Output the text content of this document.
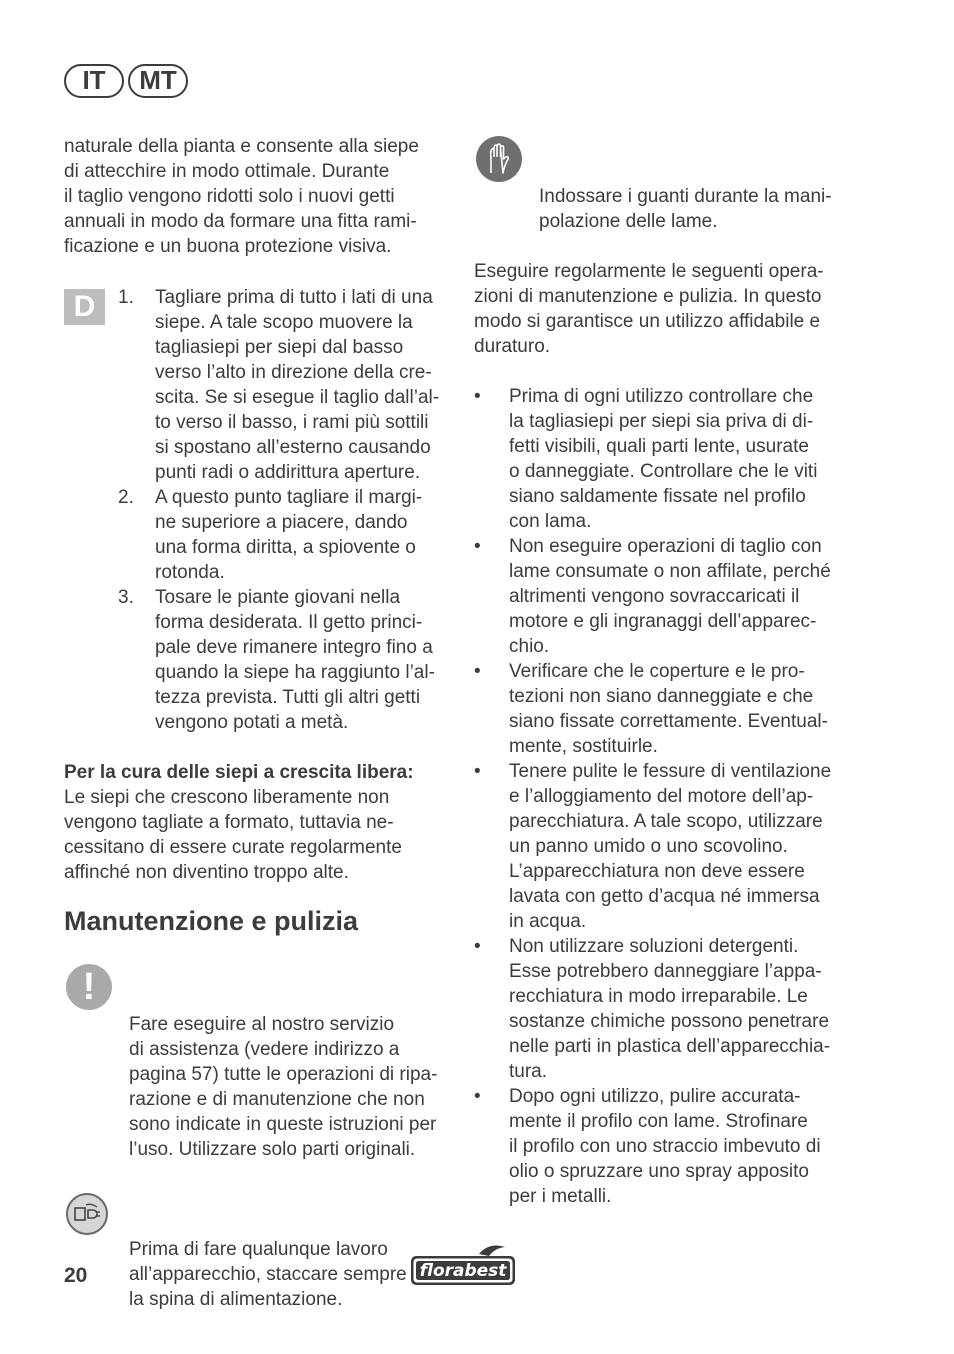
IT	MT

naturale della pianta e consente alla siepe
di attecchire in modo ottimale. Durante
il taglio vengono ridotti solo i nuovi getti
annuali in modo da formare una fitta rami-
ficazione e un buona protezione visiva.

D	1. Tagliare prima di tutto i lati di una
siepe. A tale scopo muovere la
tagliasiepi per siepi dal basso
verso l’alto in direzione della cre-
scita. Se si esegue il taglio dall’al-
to verso il basso, i rami più sottili
si spostano all’esterno causando
punti radi o addirittura aperture.
2. A questo punto tagliare il margi-
ne superiore a piacere, dando
una forma diritta, a spiovente o
rotonda.
3. Tosare le piante giovani nella
forma desiderata. Il getto princi-
pale deve rimanere integro fino a
quando la siepe ha raggiunto l’al-
tezza prevista. Tutti gli altri getti
vengono potati a metà.

Per la cura delle siepi a crescita libera:

Le siepi che crescono liberamente non
vengono tagliate a formato, tuttavia ne-
cessitano di essere curate regolarmente
affinché non diventino troppo alte.

Manutenzione e pulizia

!

Fare eseguire al nostro servizio
di assistenza (vedere indirizzo a
pagina 57) tutte le operazioni di ripa-
razione e di manutenzione che non
sono indicate in queste istruzioni per
l’uso. Utilizzare solo parti originali.

Prima di fare qualunque lavoro
all’apparecchio, staccare sempre
la spina di alimentazione.

Indossare i guanti durante la mani-
polazione delle lame.

Eseguire regolarmente le seguenti opera-
zioni di manutenzione e pulizia. In questo
modo si garantisce un utilizzo affidabile e
duraturo.

• Prima di ogni utilizzo controllare che
la tagliasiepi per siepi sia priva di di-
fetti visibili, quali parti lente, usurate
o danneggiate. Controllare che le viti
siano saldamente fissate nel profilo
con lama.
• Non eseguire operazioni di taglio con
lame consumate o non affilate, perché
altrimenti vengono sovraccaricati il
motore e gli ingranaggi dell’apparec-
chio.
• Verificare che le coperture e le pro-
tezioni non siano danneggiate e che
siano fissate correttamente. Eventual-
mente, sostituirle.
• Tenere pulite le fessure di ventilazione
e l’alloggiamento del motore dell’ap-
parecchiatura. A tale scopo, utilizzare
un panno umido o uno scovolino.
L’apparecchiatura non deve essere
lavata con getto d’acqua né immersa
in acqua.
• Non utilizzare soluzioni detergenti.
Esse potrebbero danneggiare l’appa-
recchiatura in modo irreparabile. Le
sostanze chimiche possono penetrare
nelle parti in plastica dell’apparecchia-
tura.
• Dopo ogni utilizzo, pulire accurata-
mente il profilo con lame. Strofinare
il profilo con uno straccio imbevuto di
olio o spruzzare uno spray apposito
per i metalli.
20	florabest
